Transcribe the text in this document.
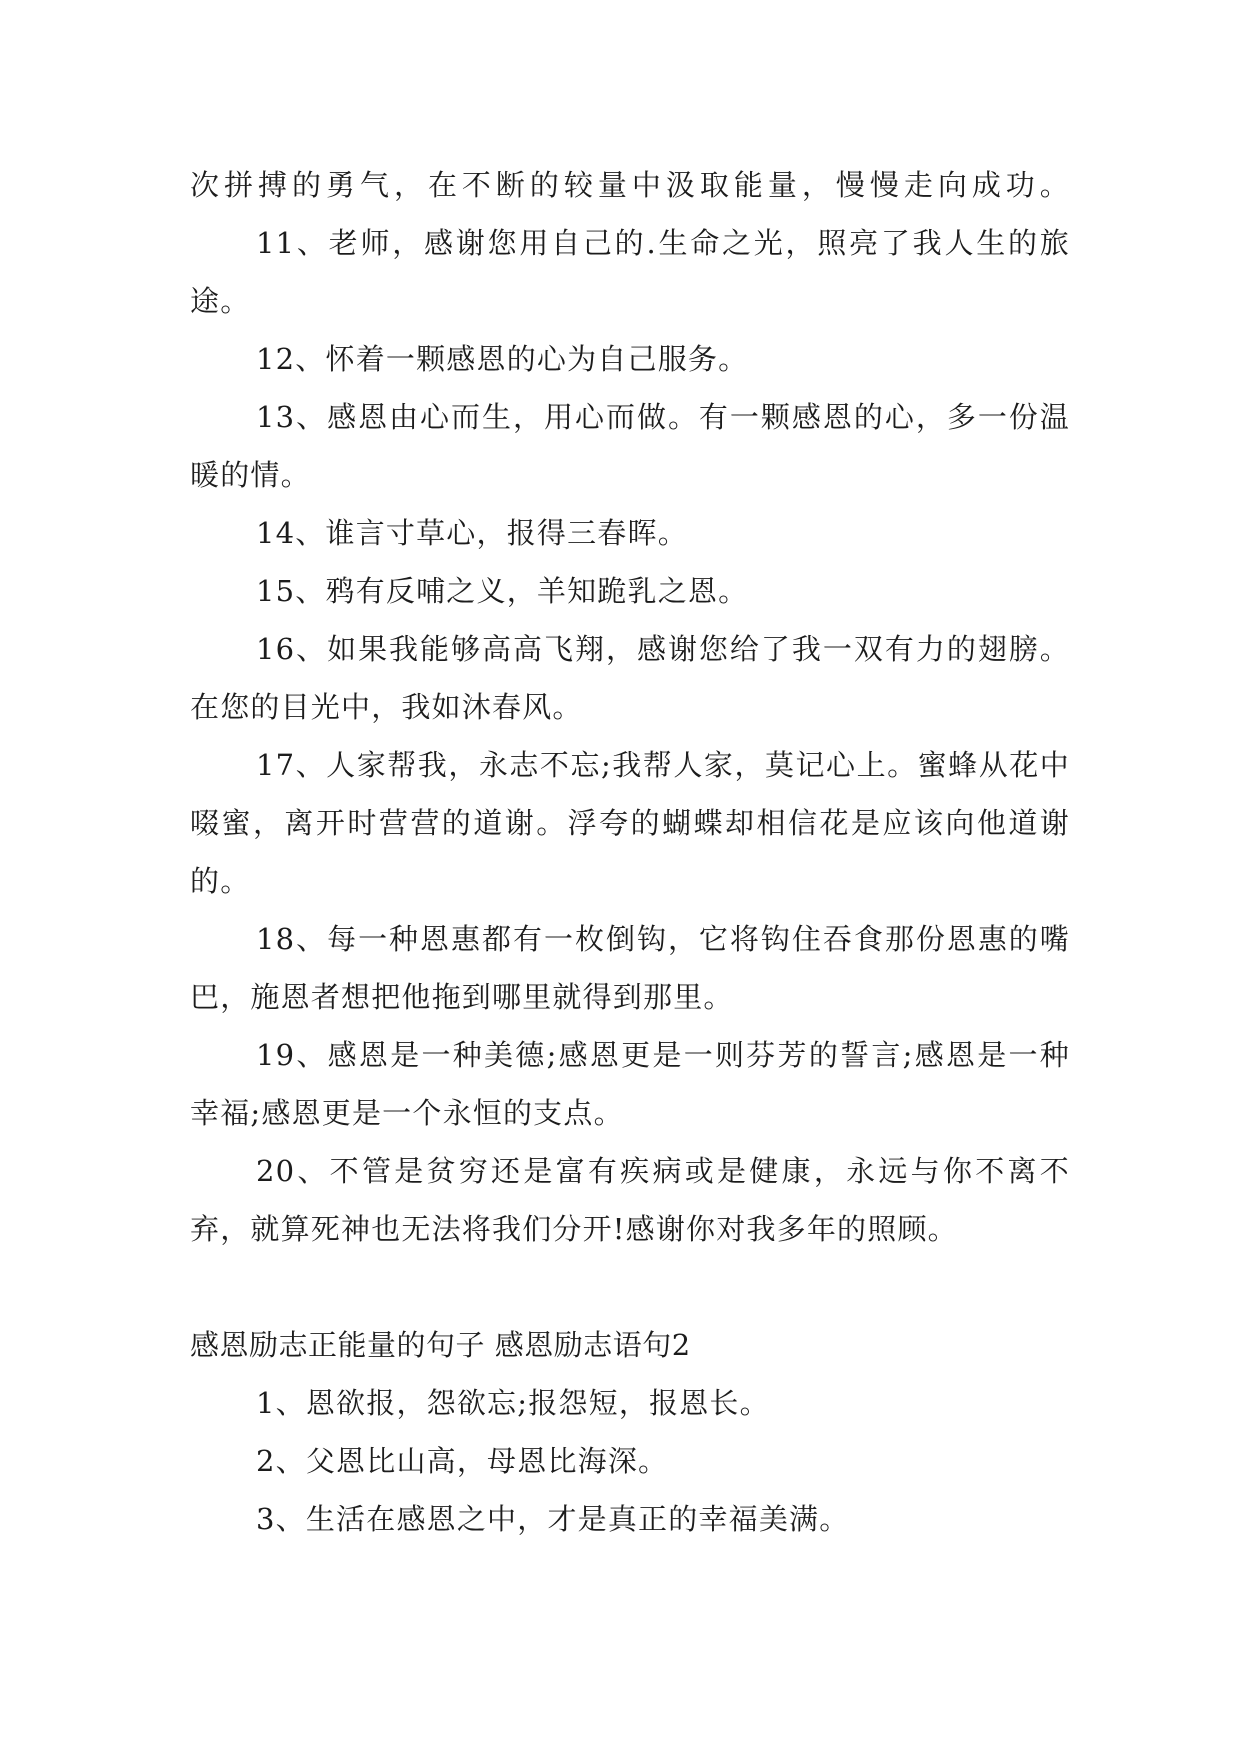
次拼搏的勇气，在不断的较量中汲取能量，慢慢走向成功。

11、老师，感谢您用自己的.生命之光，照亮了我人生的旅途。

12、怀着一颗感恩的心为自己服务。

13、感恩由心而生，用心而做。有一颗感恩的心，多一份温暖的情。

14、谁言寸草心，报得三春晖。

15、鸦有反哺之义，羊知跪乳之恩。

16、如果我能够高高飞翔，感谢您给了我一双有力的翅膀。在您的目光中，我如沐春风。

17、人家帮我，永志不忘;我帮人家，莫记心上。蜜蜂从花中啜蜜，离开时营营的道谢。浮夸的蝴蝶却相信花是应该向他道谢的。

18、每一种恩惠都有一枚倒钩，它将钩住吞食那份恩惠的嘴巴，施恩者想把他拖到哪里就得到那里。

19、感恩是一种美德;感恩更是一则芬芳的誓言;感恩是一种幸福;感恩更是一个永恒的支点。

20、不管是贫穷还是富有疾病或是健康，永远与你不离不弃，就算死神也无法将我们分开!感谢你对我多年的照顾。

感恩励志正能量的句子 感恩励志语句2

1、恩欲报，怨欲忘;报怨短，报恩长。

2、父恩比山高，母恩比海深。

3、生活在感恩之中，才是真正的幸福美满。
